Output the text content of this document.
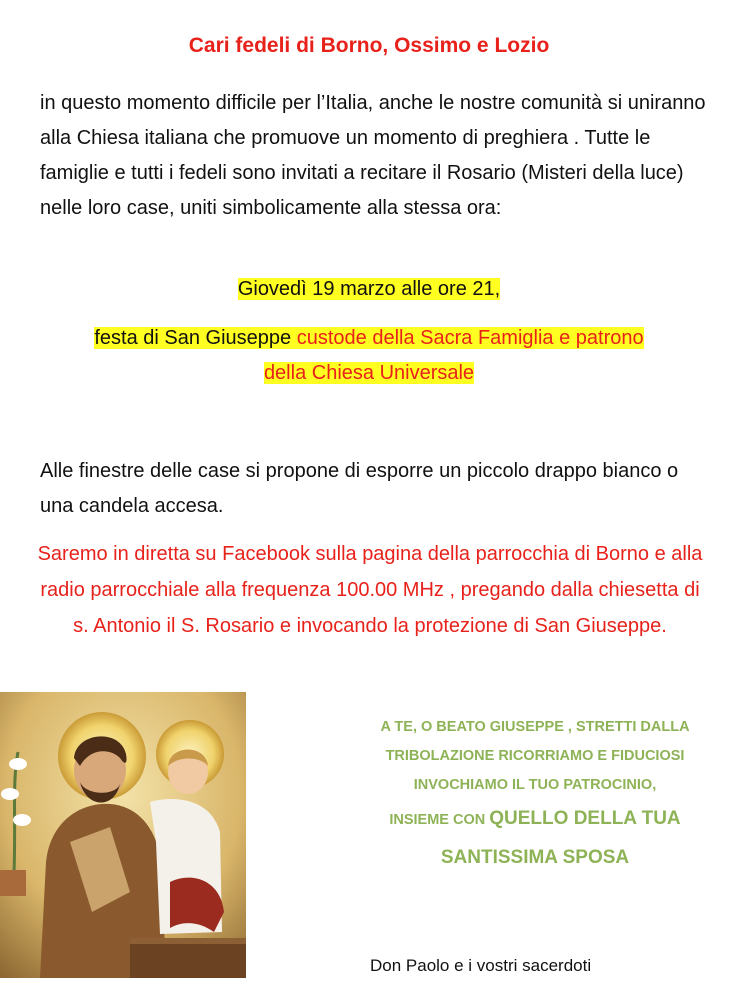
Cari fedeli di Borno, Ossimo e Lozio

in questo momento difficile per l’Italia, anche le nostre comunità si uniranno alla Chiesa italiana che promuove un momento di preghiera . Tutte le famiglie e tutti i fedeli sono invitati a recitare il Rosario (Misteri della luce) nelle loro case, uniti simbolicamente alla stessa ora:

Giovedì 19 marzo alle ore 21,
festa di San Giuseppe custode della Sacra Famiglia e patrono
della Chiesa Universale

Alle finestre delle case si propone di esporre un piccolo drappo bianco o una candela accesa.

Saremo in diretta su Facebook sulla pagina della parrocchia di Borno e alla radio parrocchiale alla frequenza 100.00 MHz , pregando dalla chiesetta di s. Antonio il S. Rosario e invocando la protezione di San Giuseppe.

A TE, O BEATO GIUSEPPE , STRETTI DALLA
TRIBOLAZIONE RICORRIAMO E FIDUCIOSI
INVOCHIAMO IL TUO PATROCINIO,
INSIEME CON QUELLO DELLA TUA
SANTISSIMA SPOSA
Don Paolo e i vostri sacerdoti
